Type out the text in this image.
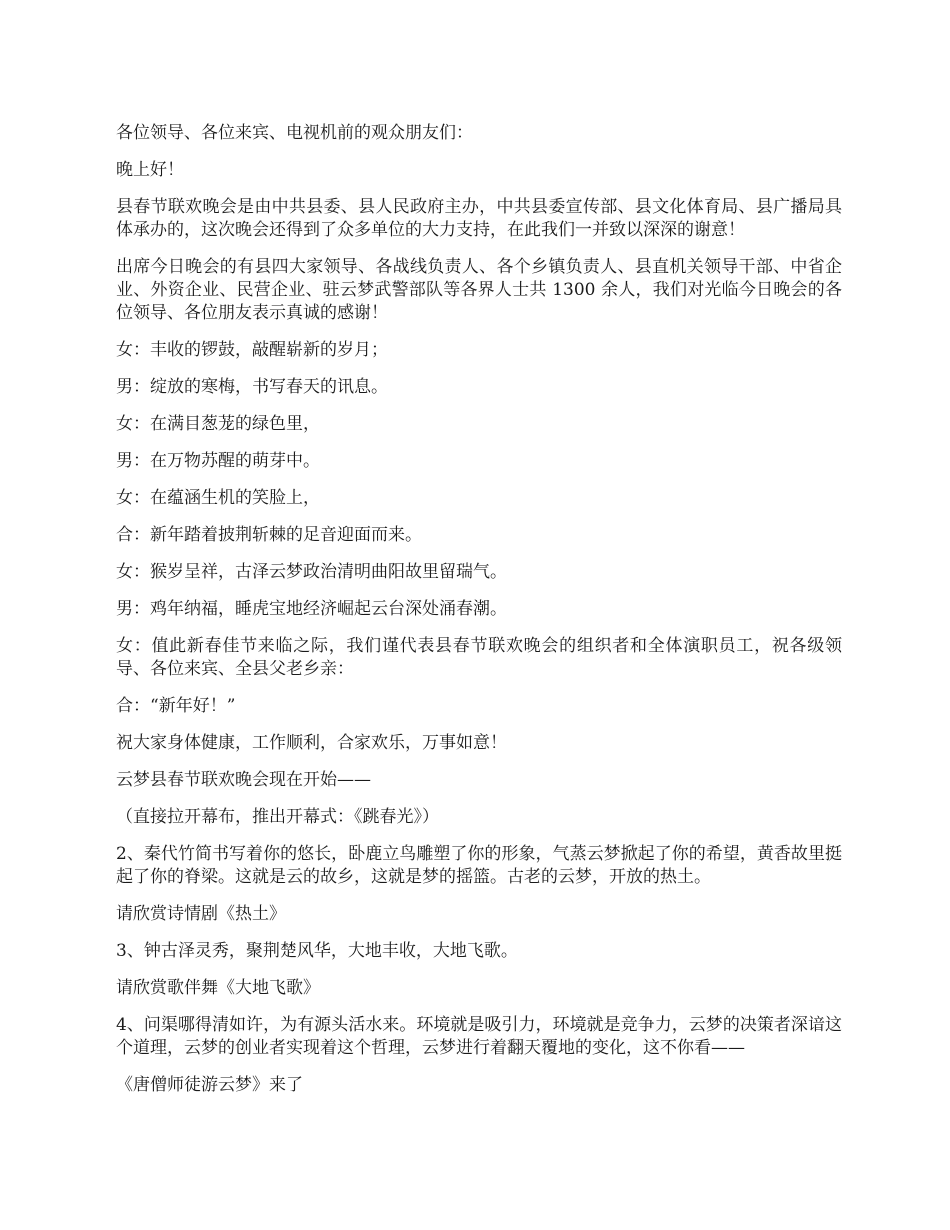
各位领导、各位来宾、电视机前的观众朋友们：

晚上好！

县春节联欢晚会是由中共县委、县人民政府主办，中共县委宣传部、县文化体育局、县广播局具体承办的，这次晚会还得到了众多单位的大力支持，在此我们一并致以深深的谢意！

出席今日晚会的有县四大家领导、各战线负责人、各个乡镇负责人、县直机关领导干部、中省企业、外资企业、民营企业、驻云梦武警部队等各界人士共 1300 余人，我们对光临今日晚会的各位领导、各位朋友表示真诚的感谢！

女：丰收的锣鼓，敲醒崭新的岁月；

男：绽放的寒梅，书写春天的讯息。

女：在满目葱茏的绿色里，

男：在万物苏醒的萌芽中。

女：在蕴涵生机的笑脸上，

合：新年踏着披荆斩棘的足音迎面而来。

女：猴岁呈祥，古泽云梦政治清明曲阳故里留瑞气。

男：鸡年纳福，睡虎宝地经济崛起云台深处涌春潮。

女：值此新春佳节来临之际，我们谨代表县春节联欢晚会的组织者和全体演职员工，祝各级领导、各位来宾、全县父老乡亲：

合：“新年好！”

祝大家身体健康，工作顺利，合家欢乐，万事如意！

云梦县春节联欢晚会现在开始——

（直接拉开幕布，推出开幕式：《跳春光》）

2、秦代竹简书写着你的悠长，卧鹿立鸟雕塑了你的形象，气蒸云梦掀起了你的希望，黄香故里挺起了你的脊梁。这就是云的故乡，这就是梦的摇篮。古老的云梦，开放的热土。

请欣赏诗情剧《热土》

3、钟古泽灵秀，聚荆楚风华，大地丰收，大地飞歌。

请欣赏歌伴舞《大地飞歌》

4、问渠哪得清如许，为有源头活水来。环境就是吸引力，环境就是竞争力，云梦的决策者深谙这个道理，云梦的创业者实现着这个哲理，云梦进行着翻天覆地的变化，这不你看——

《唐僧师徒游云梦》来了
